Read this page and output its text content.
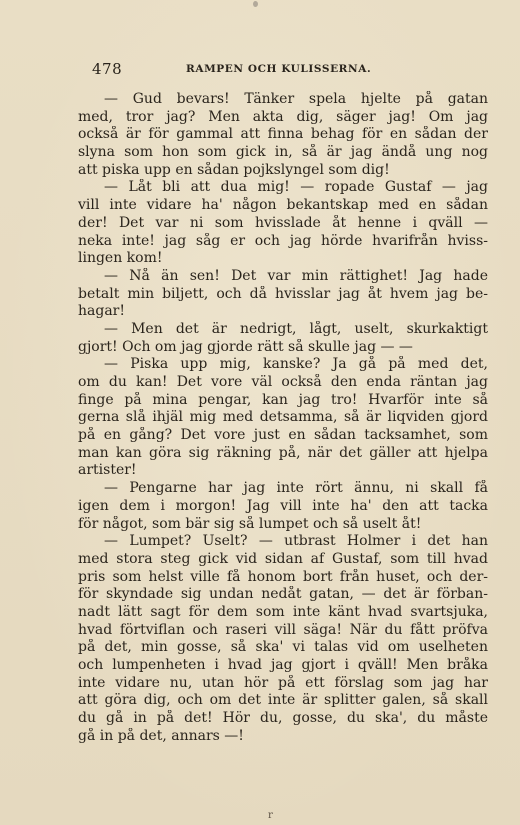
478	RAMPEN OCH KULISSERNA.
— Gud bevars! Tänker spela hjelte på gatan
med, tror jag? Men akta dig, säger jag! Om jag
också är för gammal att finna behag för en sådan der
slyna som hon som gick in, så är jag ändå ung nog
att piska upp en sådan pojkslyngel som dig!
— Låt bli att dua mig! — ropade Gustaf — jag
vill inte vidare ha' någon bekantskap med en sådan
der! Det var ni som hvisslade åt henne i qväll —
neka inte! jag såg er och jag hörde hvarifrån hviss-
lingen kom!
— Nå än sen! Det var min rättighet! Jag hade
betalt min biljett, och då hvisslar jag åt hvem jag be-
hagar!
— Men det är nedrigt, lågt, uselt, skurkaktigt
gjort! Och om jag gjorde rätt så skulle jag — —
— Piska upp mig, kanske? Ja gå på med det,
om du kan! Det vore väl också den enda räntan jag
finge på mina pengar, kan jag tro! Hvarför inte så
gerna slå ihjäl mig med detsamma, så är liqviden gjord
på en gång? Det vore just en sådan tacksamhet, som
man kan göra sig räkning på, när det gäller att hjelpa
artister!
— Pengarne har jag inte rört ännu, ni skall få
igen dem i morgon! Jag vill inte ha' den att tacka
för något, som bär sig så lumpet och så uselt åt!
— Lumpet? Uselt? — utbrast Holmer i det han
med stora steg gick vid sidan af Gustaf, som till hvad
pris som helst ville få honom bort från huset, och der-
för skyndade sig undan nedåt gatan, — det är förban-
nadt lätt sagt för dem som inte känt hvad svartsjuka,
hvad förtviflan och raseri vill säga! När du fått pröfva
på det, min gosse, så ska' vi talas vid om uselheten
och lumpenheten i hvad jag gjort i qväll! Men bråka
inte vidare nu, utan hör på ett förslag som jag har
att göra dig, och om det inte är splitter galen, så skall
du gå in på det! Hör du, gosse, du ska', du måste
gå in på det, annars —!
r
